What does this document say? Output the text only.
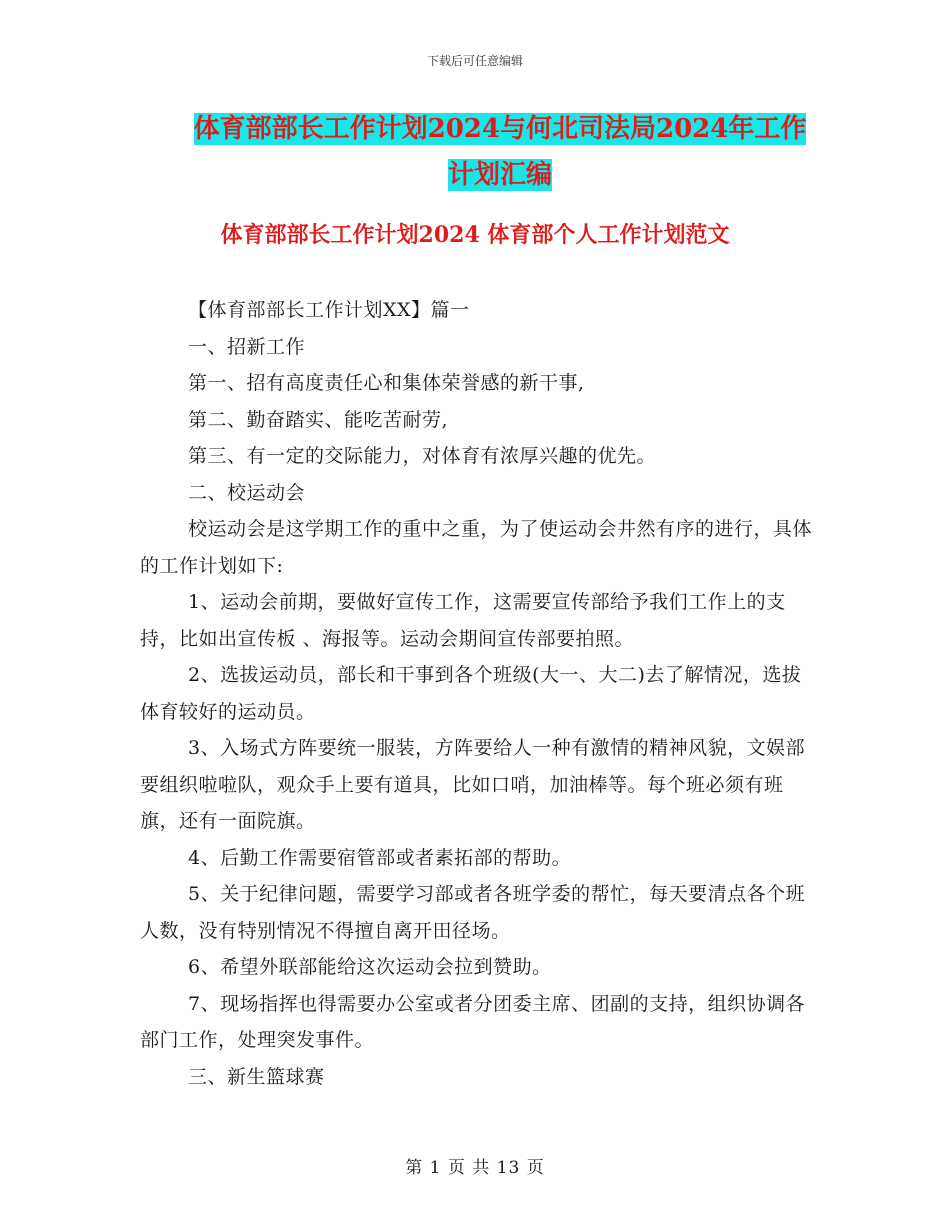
下载后可任意编辑
体育部部长工作计划2024与何北司法局2024年工作
计划汇编
体育部部长工作计划2024 体育部个人工作计划范文

【体育部部长工作计划XX】篇一

一、招新工作

第一、招有高度责任心和集体荣誉感的新干事,

第二、勤奋踏实、能吃苦耐劳,

第三、有一定的交际能力，对体育有浓厚兴趣的优先。

二、校运动会

校运动会是这学期工作的重中之重，为了使运动会井然有序的进行，具体的工作计划如下:

1、运动会前期，要做好宣传工作，这需要宣传部给予我们工作上的支持，比如出宣传板 、海报等。运动会期间宣传部要拍照。

2、选拔运动员，部长和干事到各个班级(大一、大二)去了解情况，选拔体育较好的运动员。

3、入场式方阵要统一服装，方阵要给人一种有激情的精神风貌，文娱部要组织啦啦队，观众手上要有道具，比如口哨，加油棒等。每个班必须有班旗，还有一面院旗。

4、后勤工作需要宿管部或者素拓部的帮助。

5、关于纪律问题，需要学习部或者各班学委的帮忙，每天要清点各个班人数，没有特别情况不得擅自离开田径场。

6、希望外联部能给这次运动会拉到赞助。

7、现场指挥也得需要办公室或者分团委主席、团副的支持，组织协调各部门工作，处理突发事件。

三、新生篮球赛

第 1 页 共 13 页
